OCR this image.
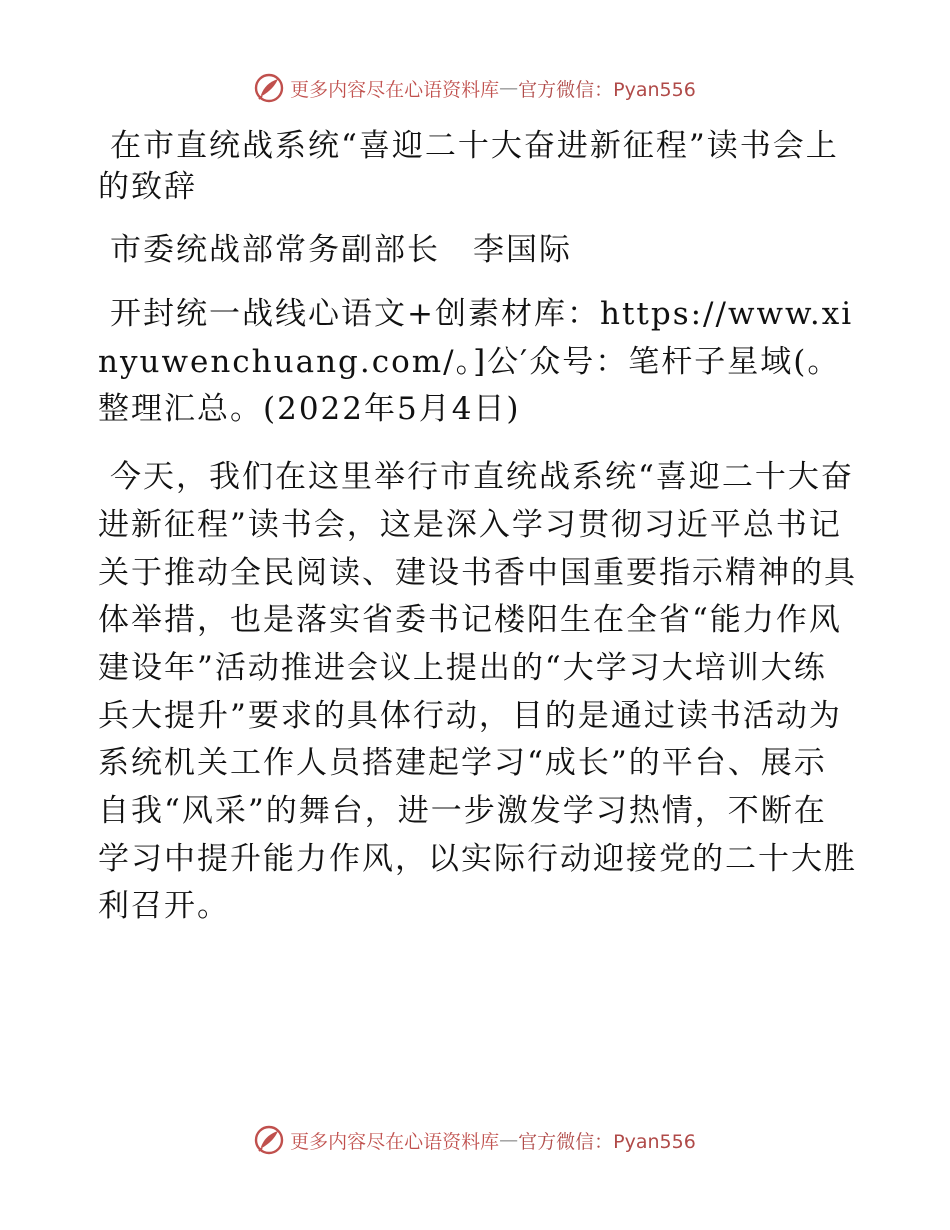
更多内容尽在心语资料库 — 官方微信：Pyan556

在市直统战系统“喜迎二十大奋进新征程”读书会上的致辞

市委统战部常务副部长　李国际

开封统一战线心语文+创素材库：https://www.xinyuwenchuang.com/。]公′众号：笔杆子星域(。整理汇总。(2022年5月4日)

今天，我们在这里举行市直统战系统“喜迎二十大奋进新征程”读书会，这是深入学习贯彻习近平总书记关于推动全民阅读、建设书香中国重要指示精神的具体举措，也是落实省委书记楼阳生在全省“能力作风建设年”活动推进会议上提出的“大学习大培训大练兵大提升”要求的具体行动，目的是通过读书活动为系统机关工作人员搭建起学习“成长”的平台、展示自我“风采”的舞台，进一步激发学习热情，不断在学习中提升能力作风，以实际行动迎接党的二十大胜利召开。

更多内容尽在心语资料库 — 官方微信：Pyan556
